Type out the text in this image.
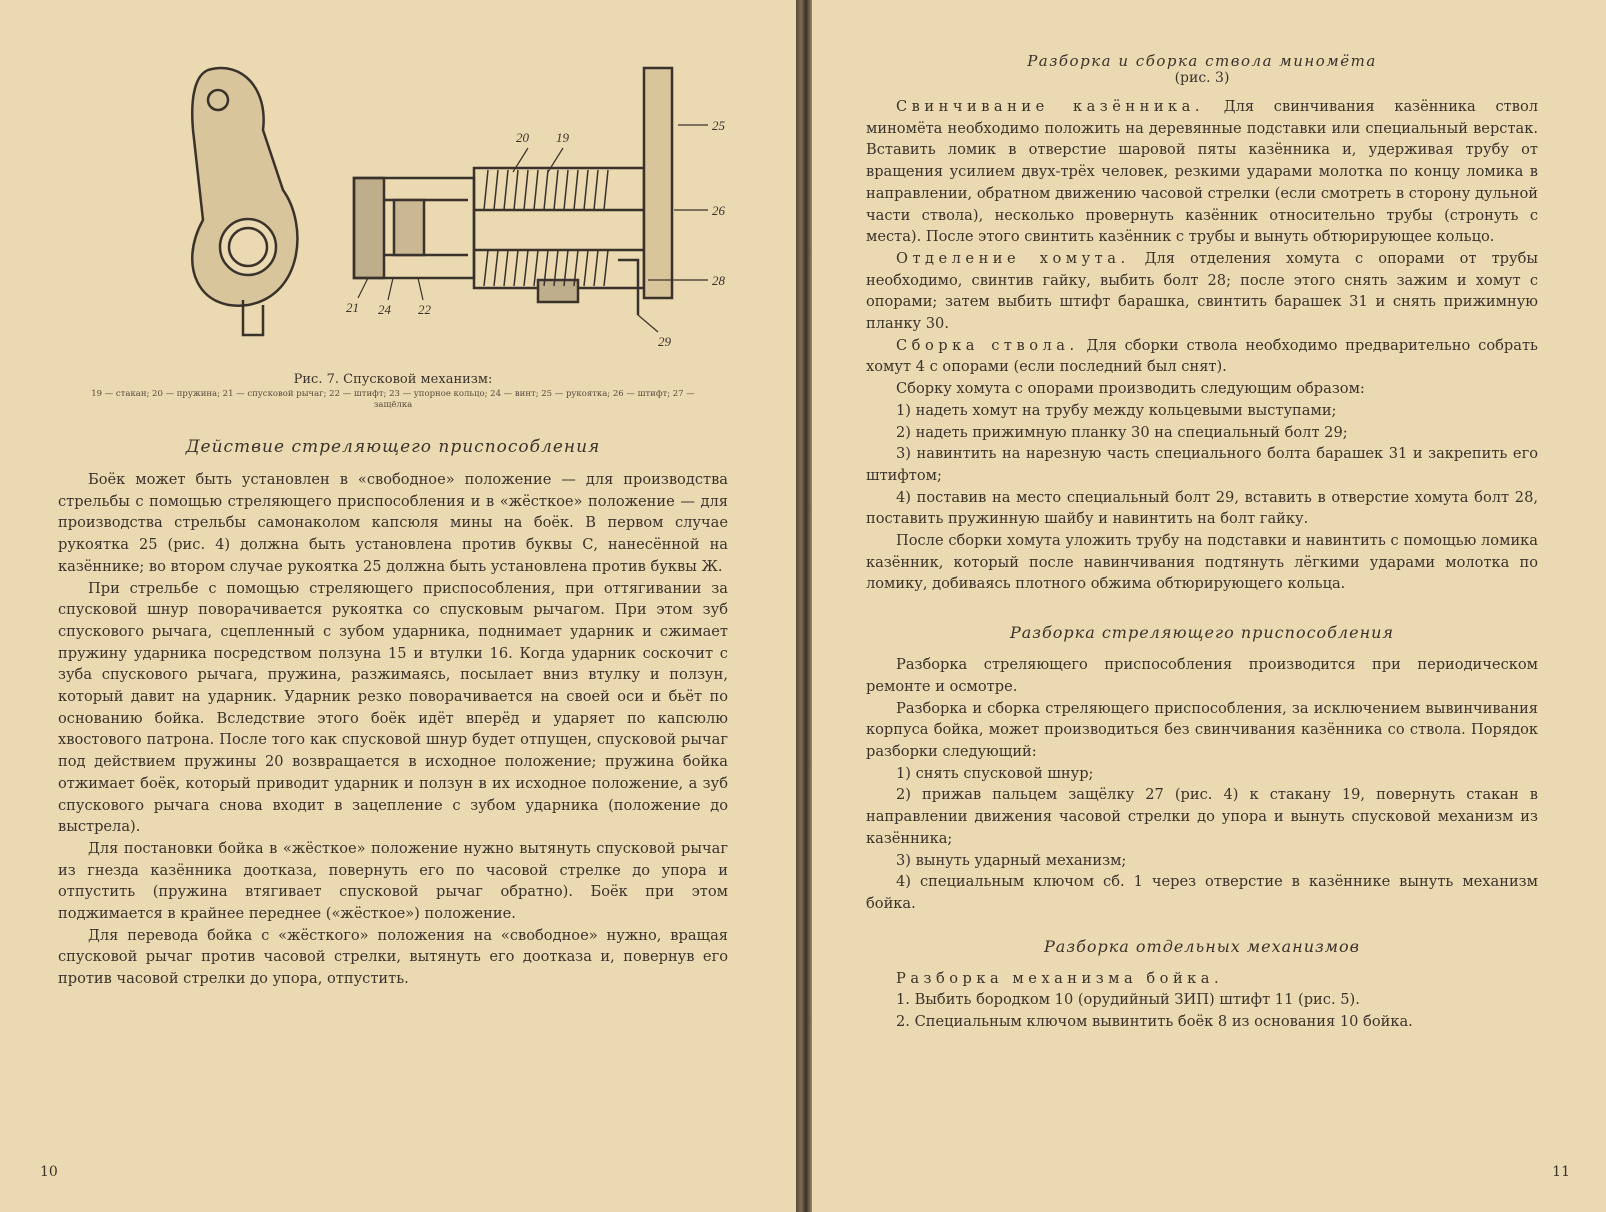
20 19
25
26
21 24 22
28
29
Рис. 7. Спусковой механизм:
19 — стакан; 20 — пружина; 21 — спусковой рычаг; 22 — штифт; 23 — упорное кольцо; 24 — винт; 25 — рукоятка; 26 — штифт; 27 — защёлка
Действие стреляющего приспособления

Боёк может быть установлен в «свободное» положение — для производства стрельбы с помощью стреляющего приспособления и в «жёсткое» положение — для производства стрельбы самонаколом капсюля мины на боёк. В первом случае рукоятка 25 (рис. 4) должна быть установлена против буквы С, нанесённой на казённике; во втором случае рукоятка 25 должна быть установлена против буквы Ж.

При стрельбе с помощью стреляющего приспособления, при оттягивании за спусковой шнур поворачивается рукоятка со спусковым рычагом. При этом зуб спускового рычага, сцепленный с зубом ударника, поднимает ударник и сжимает пружину ударника посредством ползуна 15 и втулки 16. Когда ударник соскочит с зуба спускового рычага, пружина, разжимаясь, посылает вниз втулку и ползун, который давит на ударник. Ударник резко поворачивается на своей оси и бьёт по основанию бойка. Вследствие этого боёк идёт вперёд и ударяет по капсюлю хвостового патрона. После того как спусковой шнур будет отпущен, спусковой рычаг под действием пружины 20 возвращается в исходное положение; пружина бойка отжимает боёк, который приводит ударник и ползун в их исходное положение, а зуб спускового рычага снова входит в зацепление с зубом ударника (положение до выстрела).

Для постановки бойка в «жёсткое» положение нужно вытянуть спусковой рычаг из гнезда казённика доотказа, повернуть его по часовой стрелке до упора и отпустить (пружина втягивает спусковой рычаг обратно). Боёк при этом поджимается в крайнее переднее («жёсткое») положение.

Для перевода бойка с «жёсткого» положения на «свободное» нужно, вращая спусковой рычаг против часовой стрелки, вытянуть его доотказа и, повернув его против часовой стрелки до упора, отпустить.

10
Разборка и сборка ствола миномёта
(рис. 3)

Свинчивание казённика. Для свинчивания казённика ствол миномёта необходимо положить на деревянные подставки или специальный верстак. Вставить ломик в отверстие шаровой пяты казённика и, удерживая трубу от вращения усилием двух-трёх человек, резкими ударами молотка по концу ломика в направлении, обратном движению часовой стрелки (если смотреть в сторону дульной части ствола), несколько провернуть казённик относительно трубы (стронуть с места). После этого свинтить казённик с трубы и вынуть обтюрирующее кольцо.

Отделение хомута. Для отделения хомута с опорами от трубы необходимо, свинтив гайку, выбить болт 28; после этого снять зажим и хомут с опорами; затем выбить штифт барашка, свинтить барашек 31 и снять прижимную планку 30.

Сборка ствола. Для сборки ствола необходимо предварительно собрать хомут 4 с опорами (если последний был снят).

Сборку хомута с опорами производить следующим образом:

1) надеть хомут на трубу между кольцевыми выступами;

2) надеть прижимную планку 30 на специальный болт 29;

3) навинтить на нарезную часть специального болта барашек 31 и закрепить его штифтом;

4) поставив на место специальный болт 29, вставить в отверстие хомута болт 28, поставить пружинную шайбу и навинтить на болт гайку.

После сборки хомута уложить трубу на подставки и навинтить с помощью ломика казённик, который после навинчивания подтянуть лёгкими ударами молотка по ломику, добиваясь плотного обжима обтюрирующего кольца.

Разборка стреляющего приспособления

Разборка стреляющего приспособления производится при периодическом ремонте и осмотре.

Разборка и сборка стреляющего приспособления, за исключением вывинчивания корпуса бойка, может производиться без свинчивания казённика со ствола. Порядок разборки следующий:

1) снять спусковой шнур;

2) прижав пальцем защёлку 27 (рис. 4) к стакану 19, повернуть стакан в направлении движения часовой стрелки до упора и вынуть спусковой механизм из казённика;

3) вынуть ударный механизм;

4) специальным ключом сб. 1 через отверстие в казённике вынуть механизм бойка.

Разборка отдельных механизмов

Разборка механизма бойка.

1. Выбить бородком 10 (орудийный ЗИП) штифт 11 (рис. 5).

2. Специальным ключом вывинтить боёк 8 из основания 10 бойка.

11
